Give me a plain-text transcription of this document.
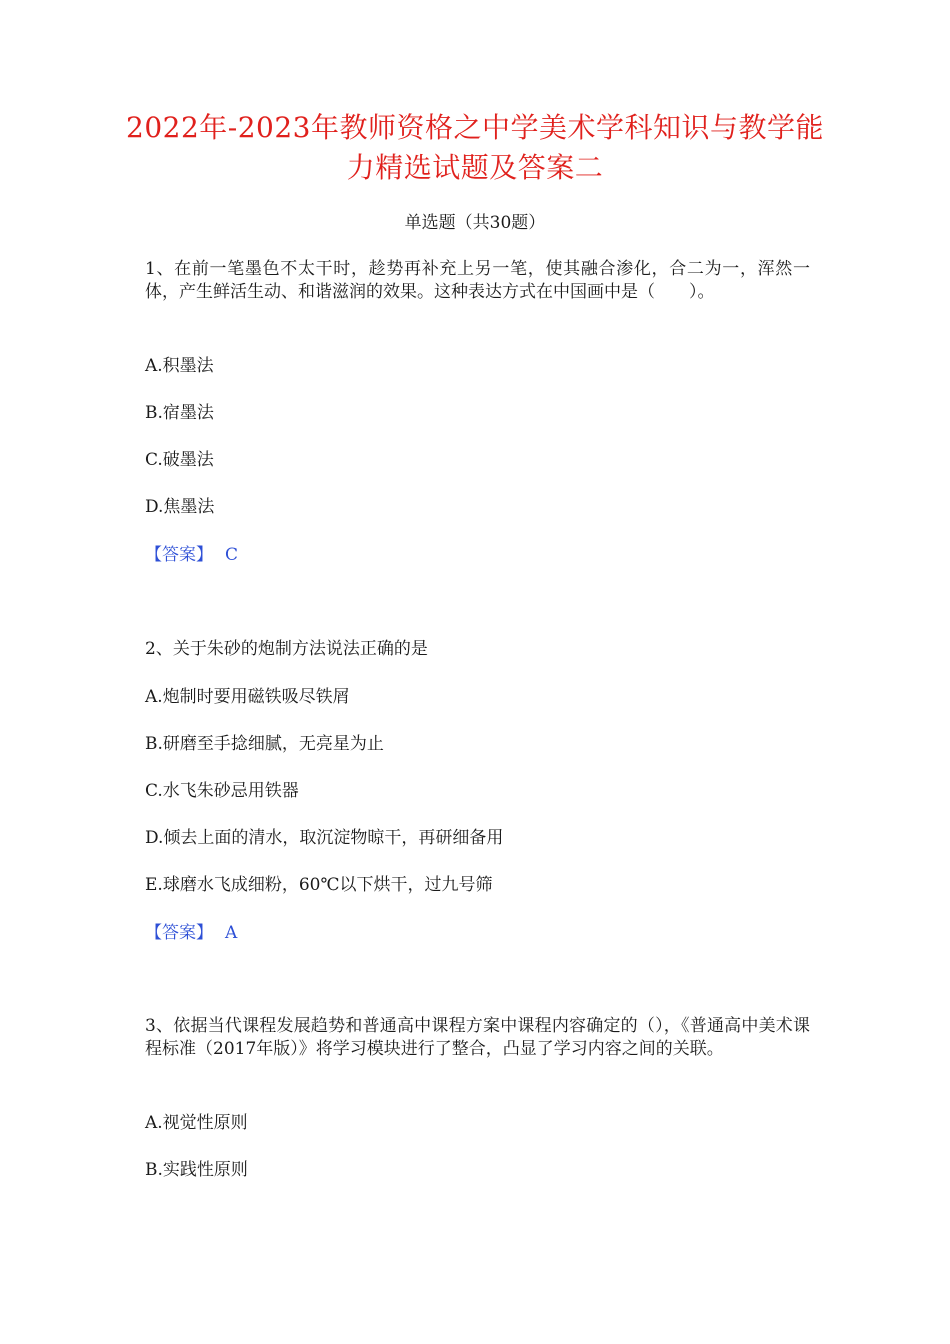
2022年-2023年教师资格之中学美术学科知识与教学能力精选试题及答案二
单选题（共30题）
1、在前一笔墨色不太干时，趁势再补充上另一笔，使其融合渗化，合二为一，浑然一体，产生鲜活生动、和谐滋润的效果。这种表达方式在中国画中是（　　）。
A.积墨法
B.宿墨法
C.破墨法
D.焦墨法
【答案】 C
2、关于朱砂的炮制方法说法正确的是
A.炮制时要用磁铁吸尽铁屑
B.研磨至手捻细腻，无亮星为止
C.水飞朱砂忌用铁器
D.倾去上面的清水，取沉淀物晾干，再研细备用
E.球磨水飞成细粉，60℃以下烘干，过九号筛
【答案】 A
3、依据当代课程发展趋势和普通高中课程方案中课程内容确定的（），《普通高中美术课程标准（2017年版）》将学习模块进行了整合，凸显了学习内容之间的关联。
A.视觉性原则
B.实践性原则
